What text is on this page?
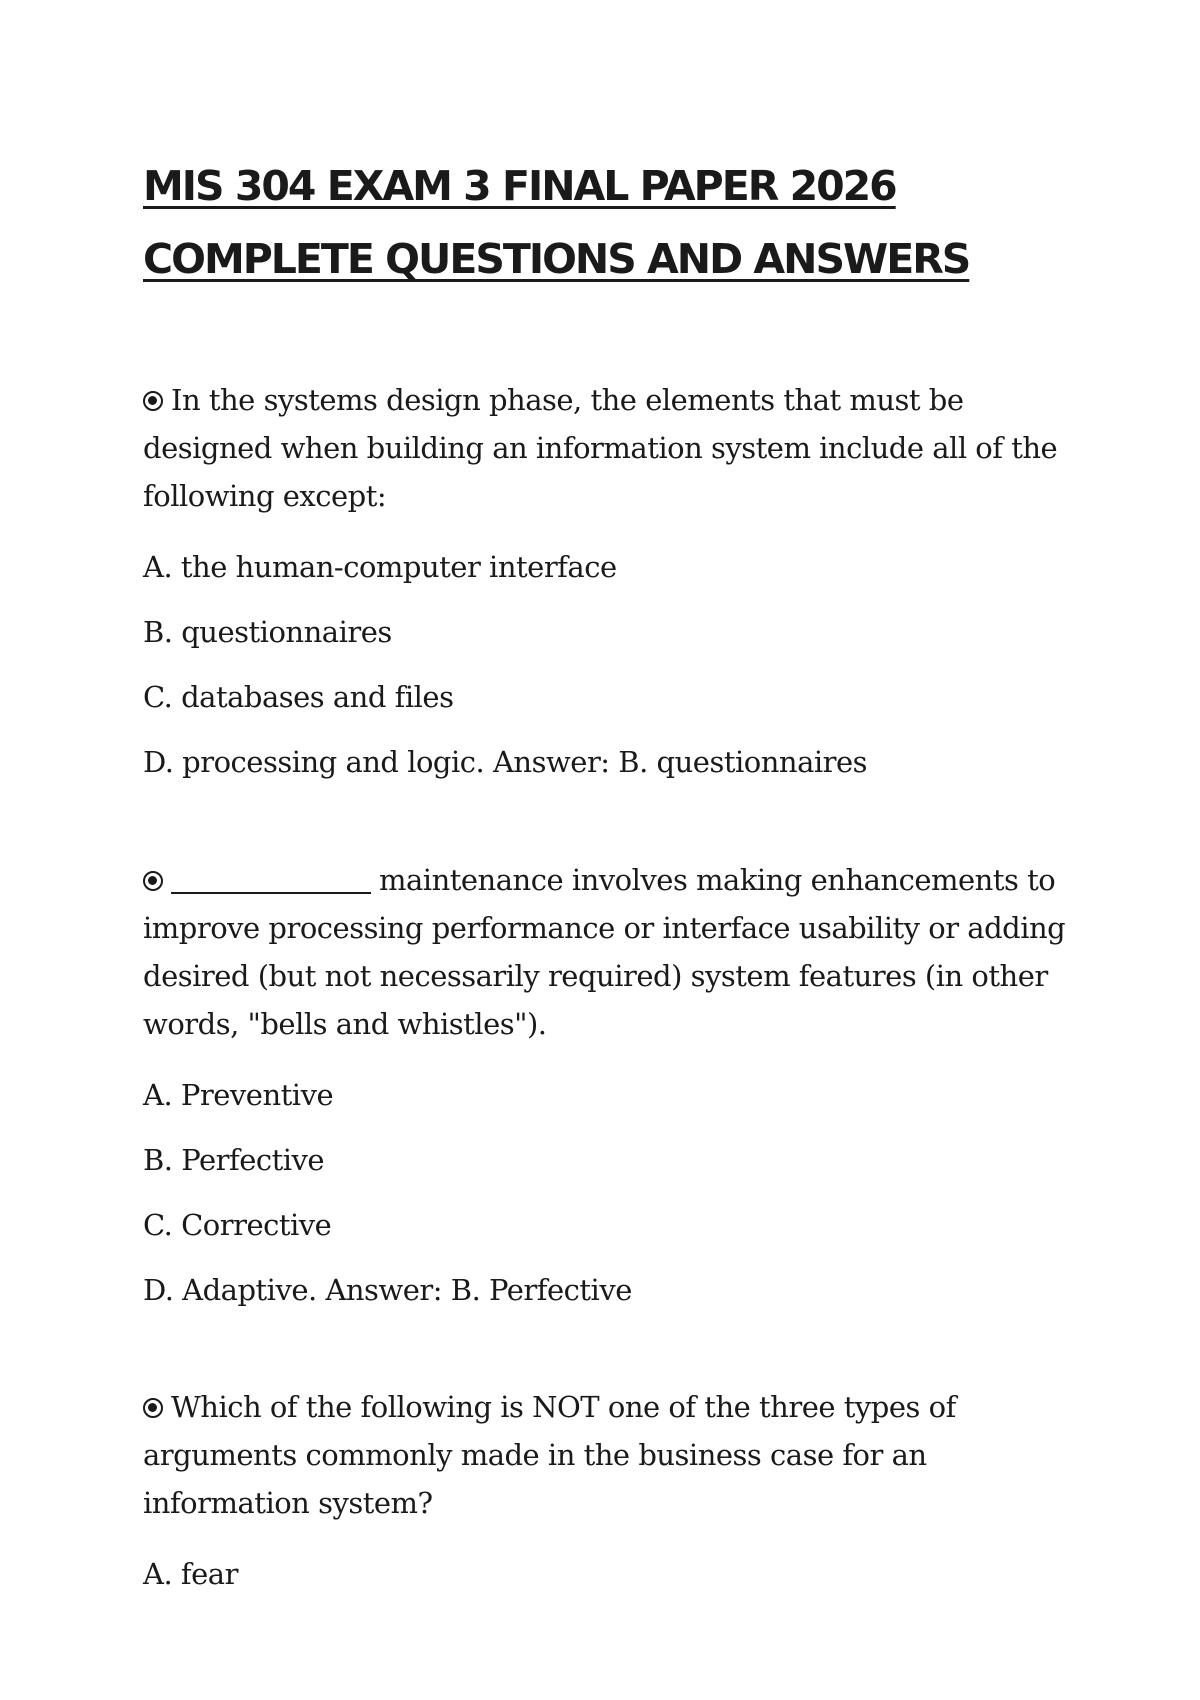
MIS 304 EXAM 3 FINAL PAPER 2026
COMPLETE QUESTIONS AND ANSWERS

In the systems design phase, the elements that must be designed when building an information system include all of the following except:

A. the human-computer interface

B. questionnaires

C. databases and files

D. processing and logic. Answer: B. questionnaires

maintenance involves making enhancements to improve processing performance or interface usability or adding desired (but not necessarily required) system features (in other words, "bells and whistles").

A. Preventive

B. Perfective

C. Corrective

D. Adaptive. Answer: B. Perfective

Which of the following is NOT one of the three types of arguments commonly made in the business case for an information system?

A. fear
